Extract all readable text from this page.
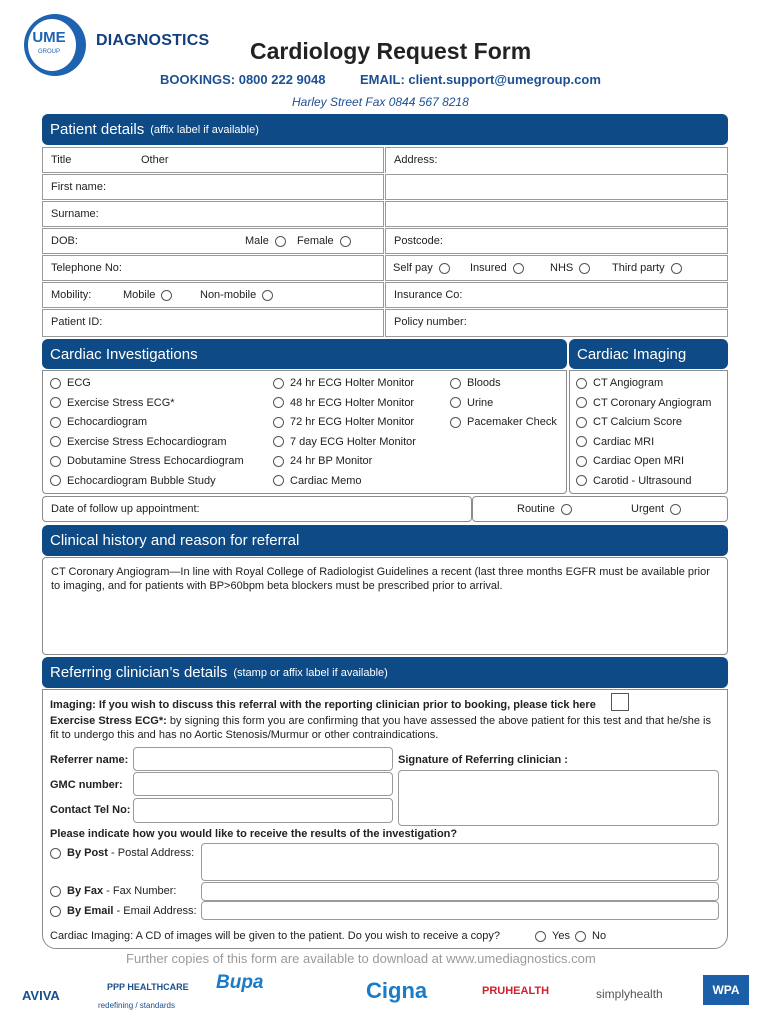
UME
GROUP
DIAGNOSTICS Cardiology Request Form
BOOKINGS: 0800 222 9048	EMAIL: client.support@umegroup.com
Harley Street Fax 0844 567 8218
Patient details (affix label if available)
Title	Other	Address:
First name:
Surname:
DOB:	Male	Female	Postcode:
Telephone No:	Self pay	Insured	NHS	Third party
Mobility:	Mobile	Non-mobile	Insurance Co:
Patient ID:	Policy number:
Cardiac Investigations	Cardiac Imaging
ECG
Exercise Stress ECG*
Echocardiogram
Exercise Stress Echocardiogram
Dobutamine Stress Echocardiogram
Echocardiogram Bubble Study
24 hr ECG Holter Monitor
48 hr ECG Holter Monitor
72 hr ECG Holter Monitor
7 day ECG Holter Monitor
24 hr BP Monitor
Cardiac Memo
Bloods
Urine
Pacemaker Check
CT Angiogram
CT Coronary Angiogram
CT Calcium Score
Cardiac MRI
Cardiac Open MRI
Carotid - Ultrasound
Date of follow up appointment:	Routine	Urgent
Clinical history and reason for referral
CT Coronary Angiogram—In line with Royal College of Radiologist Guidelines a recent (last three months EGFR must be available prior to imaging, and for patients with BP>60bpm beta blockers must be prescribed prior to arrival.
Referring clinician’s details (stamp or affix label if available)
Imaging: If you wish to discuss this referral with the reporting clinician prior to booking, please tick here
Exercise Stress ECG*: by signing this form you are confirming that you have assessed the above patient for this test and that he/she is fit to undergo this and has no Aortic Stenosis/Murmur or other contraindications.
Referrer name:	Signature of Referring clinician :
GMC number:
Contact Tel No:
Please indicate how you would like to receive the results of the investigation?
By Post - Postal Address:
By Fax - Fax Number:
By Email - Email Address:
Cardiac Imaging: A CD of images will be given to the patient. Do you wish to receive a copy?	Yes No
Further copies of this form are available to download at www.umediagnostics.com
AVIVA
PPP HEALTHCARE
redefining / standards
Bupa	Cigna	PRUHEALTH	simplyhealth	WPA
